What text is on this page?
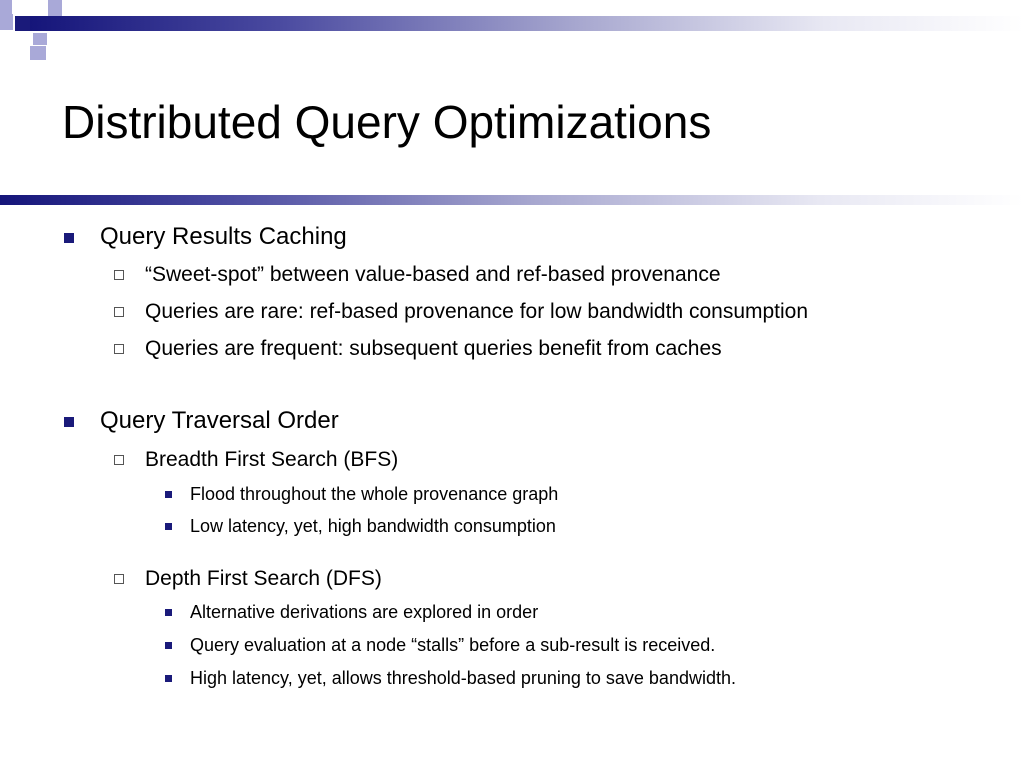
Distributed Query Optimizations
Query Results Caching
“Sweet-spot” between value-based and ref-based provenance
Queries are rare: ref-based provenance for low bandwidth consumption
Queries are frequent: subsequent queries benefit from caches
Query Traversal Order
Breadth First Search (BFS)
Flood throughout the whole provenance graph
Low latency, yet, high bandwidth consumption
Depth First Search (DFS)
Alternative derivations are explored in order
Query evaluation at a node “stalls” before a sub-result is received.
High latency, yet, allows threshold-based pruning to save bandwidth.
